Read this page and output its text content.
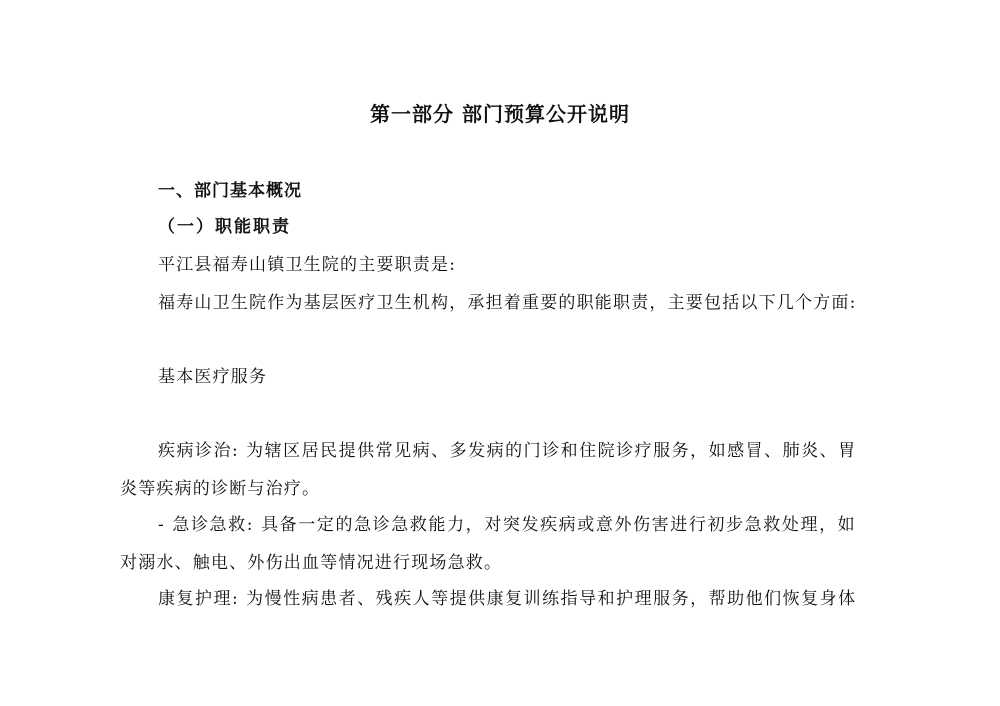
第一部分 部门预算公开说明
一、部门基本概况
（一）职能职责
平江县福寿山镇卫生院的主要职责是:
福寿山卫生院作为基层医疗卫生机构，承担着重要的职能职责，主要包括以下几个方面:
基本医疗服务
疾病诊治: 为辖区居民提供常见病、多发病的门诊和住院诊疗服务，如感冒、肺炎、胃
炎等疾病的诊断与治疗。
- 急诊急救: 具备一定的急诊急救能力，对突发疾病或意外伤害进行初步急救处理，如
对溺水、触电、外伤出血等情况进行现场急救。
康复护理: 为慢性病患者、残疾人等提供康复训练指导和护理服务，帮助他们恢复身体
